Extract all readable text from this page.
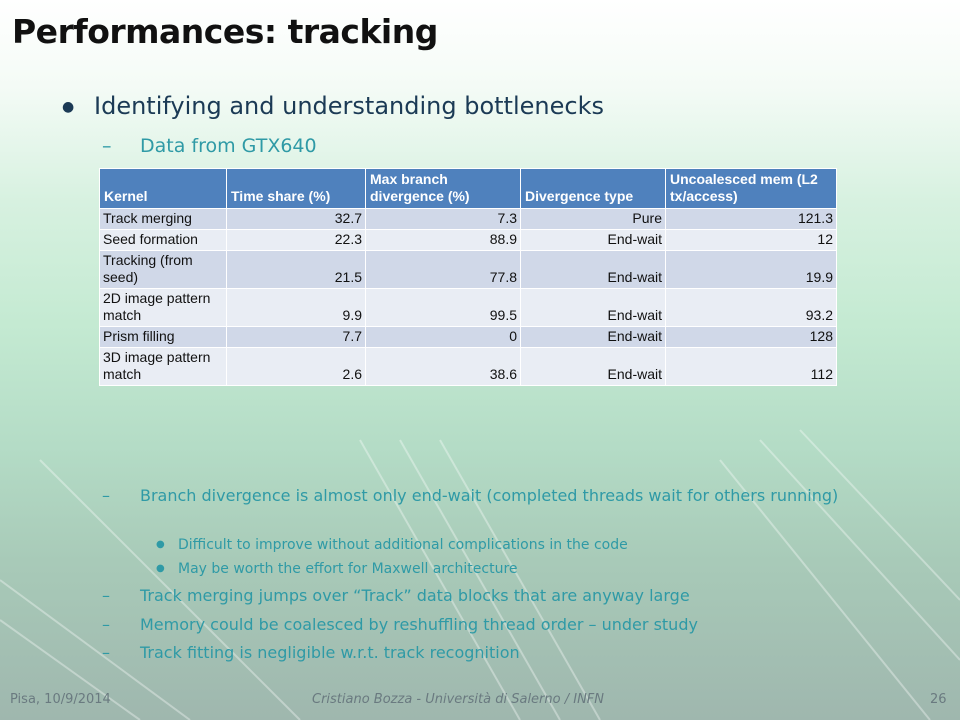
Performances: tracking
● Identifying and understanding bottlenecks
– Data from GTX640
Kernel	Time share (%)	Max branch divergence (%)	Divergence type	Uncoalesced mem (L2 tx/access)
Track merging	32.7	7.3	Pure	121.3
Seed formation	22.3	88.9	End-wait	12
Tracking (from seed)	21.5	77.8	End-wait	19.9
2D image pattern match	9.9	99.5	End-wait	93.2
Prism filling	7.7	0	End-wait	128
3D image pattern match	2.6	38.6	End-wait	112
– Branch divergence is almost only end-wait (completed threads wait for others running)
● Difficult to improve without additional complications in the code
● May be worth the effort for Maxwell architecture
– Track merging jumps over “Track” data blocks that are anyway large
– Memory could be coalesced by reshuffling thread order – under study
– Track fitting is negligible w.r.t. track recognition
Pisa, 10/9/2014	Cristiano Bozza - Università di Salerno / INFN	26
